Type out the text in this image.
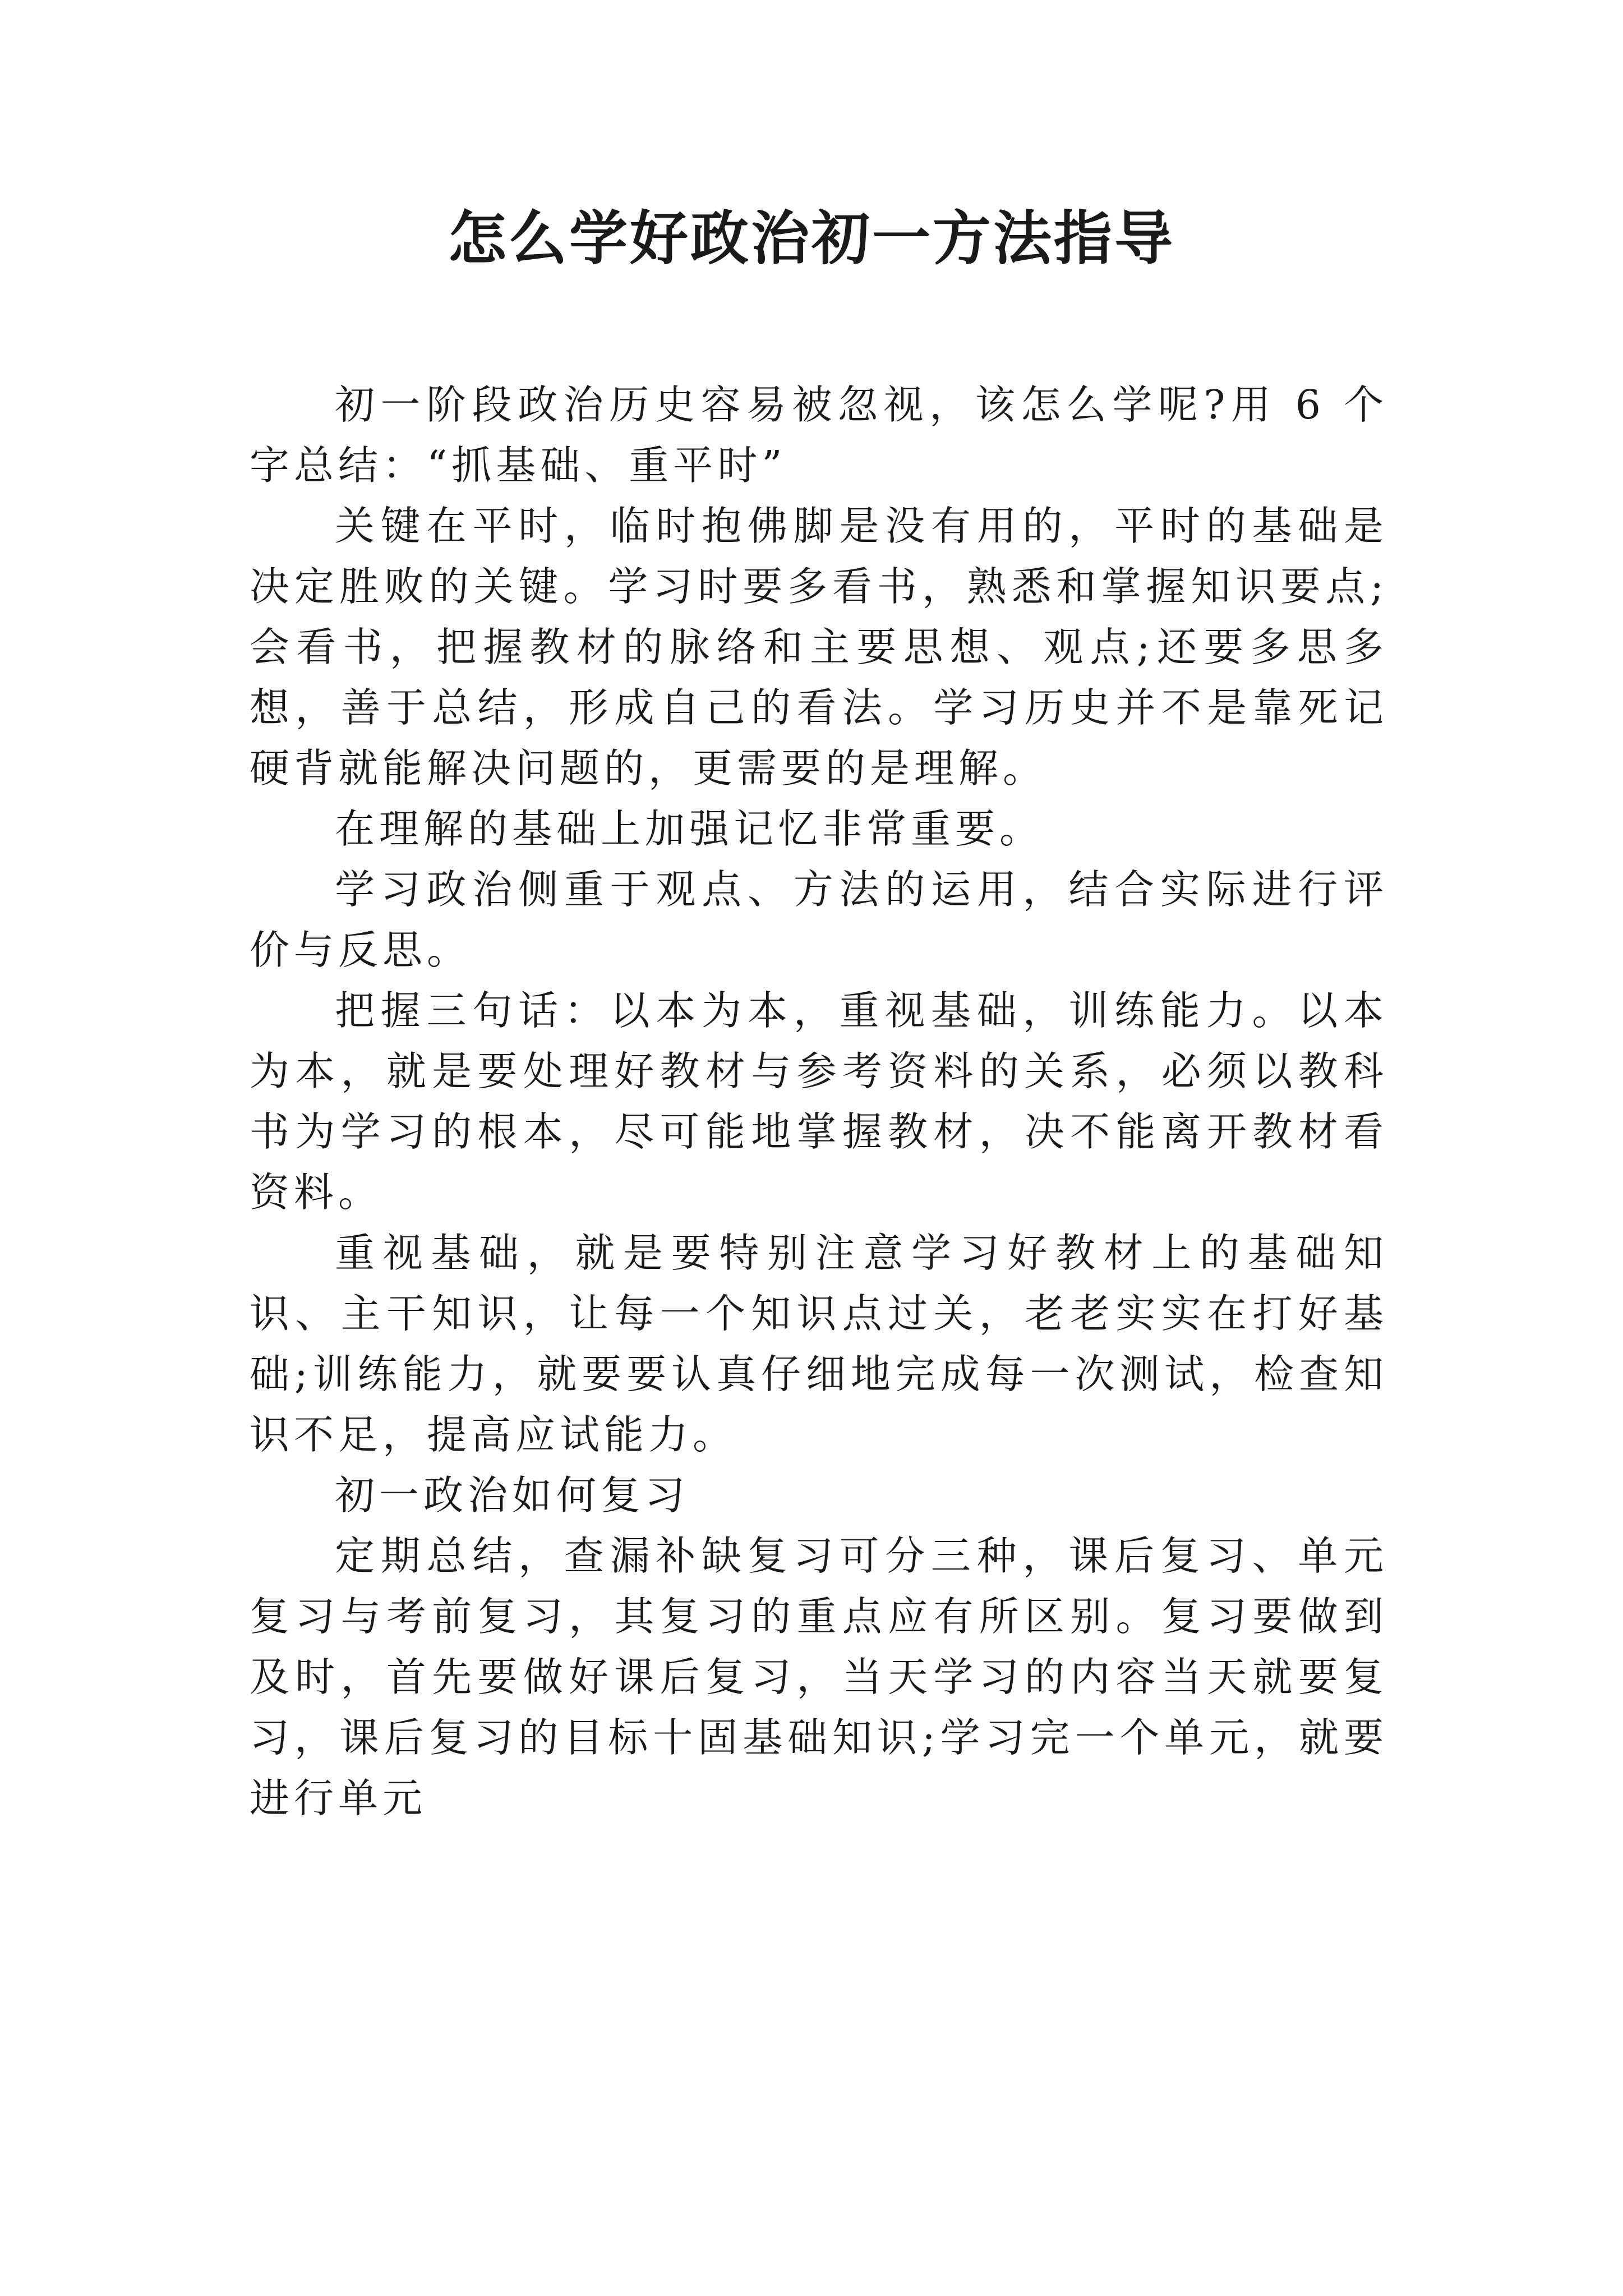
怎么学好政治初一方法指导

初一阶段政治历史容易被忽视，该怎么学呢?用 6 个字总结：“抓基础、重平时”

关键在平时，临时抱佛脚是没有用的，平时的基础是决定胜败的关键。学习时要多看书，熟悉和掌握知识要点;会看书，把握教材的脉络和主要思想、观点;还要多思多想，善于总结，形成自己的看法。学习历史并不是靠死记硬背就能解决问题的，更需要的是理解。

在理解的基础上加强记忆非常重要。

学习政治侧重于观点、方法的运用，结合实际进行评价与反思。

把握三句话：以本为本，重视基础，训练能力。以本为本，就是要处理好教材与参考资料的关系，必须以教科书为学习的根本，尽可能地掌握教材，决不能离开教材看资料。

重视基础，就是要特别注意学习好教材上的基础知识、主干知识，让每一个知识点过关，老老实实在打好基础;训练能力，就要要认真仔细地完成每一次测试，检查知识不足，提高应试能力。

初一政治如何复习

定期总结，查漏补缺复习可分三种，课后复习、单元复习与考前复习，其复习的重点应有所区别。复习要做到及时，首先要做好课后复习，当天学习的内容当天就要复习，课后复习的目标十固基础知识;学习完一个单元，就要进行单元
